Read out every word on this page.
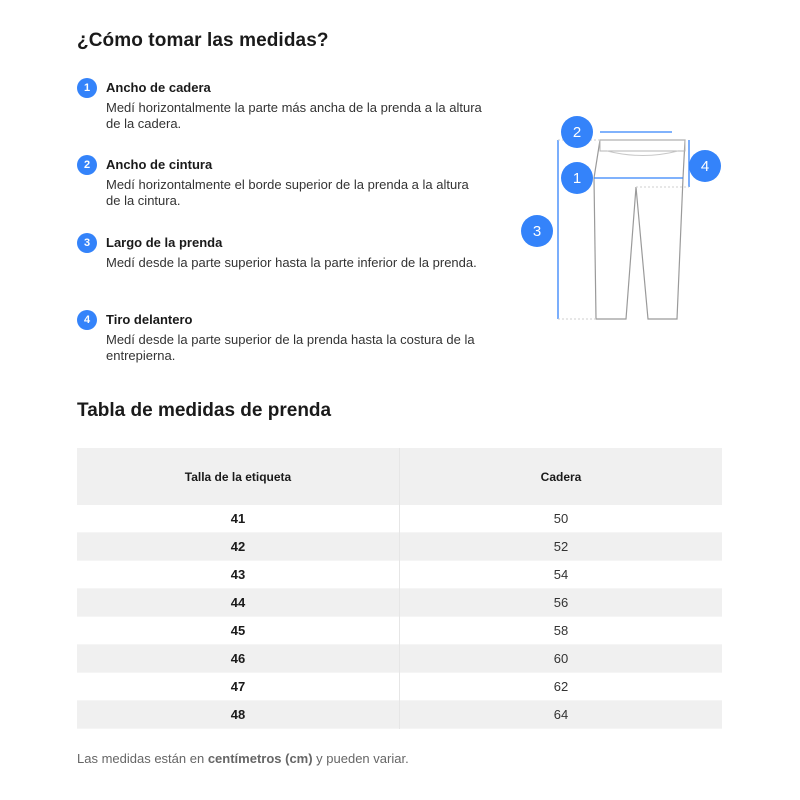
¿Cómo tomar las medidas?
1	Ancho de cadera
Medí horizontalmente la parte más ancha de la prenda a la altura de la cadera.
2	Ancho de cintura
Medí horizontalmente el borde superior de la prenda a la altura de la cintura.
3	Largo de la prenda
Medí desde la parte superior hasta la parte inferior de la prenda.
4	Tiro delantero
Medí desde la parte superior de la prenda hasta la costura de la entrepierna.
2
1
3
4
Tabla de medidas de prenda
Talla de la etiqueta	Cadera
41	50
42	52
43	54
44	56
45	58
46	60
47	62
48	64

Las medidas están en centímetros (cm) y pueden variar.
